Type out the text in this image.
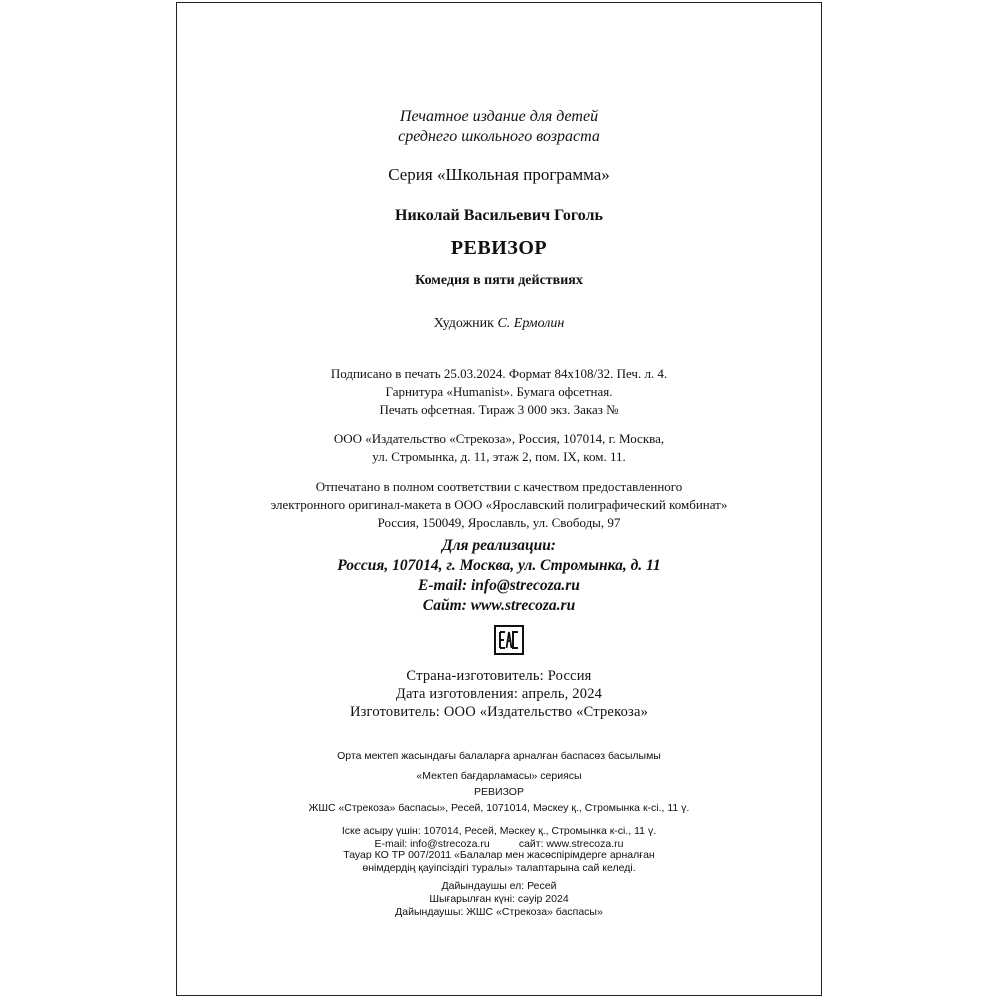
Печатное издание для детей
среднего школьного возраста
Серия «Школьная программа»
Николай Васильевич Гоголь
РЕВИЗОР
Комедия в пяти действиях
Художник С. Ермолин
Подписано в печать 25.03.2024. Формат 84x108/32. Печ. л. 4.
Гарнитура «Humanist». Бумага офсетная.
Печать офсетная. Тираж 3 000 экз. Заказ №
ООО «Издательство «Стрекоза», Россия, 107014, г. Москва,
ул. Стромынка, д. 11, этаж 2, пом. IX, ком. 11.
Отпечатано в полном соответствии с качеством предоставленного
электронного оригинал-макета в ООО «Ярославский полиграфический комбинат»
Россия, 150049, Ярославль, ул. Свободы, 97
Для реализации:
Россия, 107014, г. Москва, ул. Стромынка, д. 11
E-mail: info@strecoza.ru
Сайт: www.strecoza.ru
Страна-изготовитель: Россия
Дата изготовления: апрель, 2024
Изготовитель: ООО «Издательство «Стрекоза»
Орта мектеп жасындағы балаларға арналған баспасөз басылымы
«Мектеп бағдарламасы» сериясы
РЕВИЗОР
ЖШС «Стрекоза» баспасы», Ресей, 1071014, Мәскеу қ., Стромынка к-сі., 11 ү.
Іске асыру үшін: 107014, Ресей, Мәскеу қ., Стромынка к-сі., 11 ү.
E-mail: info@strecoza.ru          сайт: www.strecoza.ru
Тауар КО ТР 007/2011 «Балалар мен жасөспірімдерге арналған
өнімдердің қауіпсіздігі туралы» талаптарына сай келеді.
Дайындаушы ел: Ресей
Шығарылған күні: сәуір 2024
Дайындаушы: ЖШС «Стрекоза» баспасы»
